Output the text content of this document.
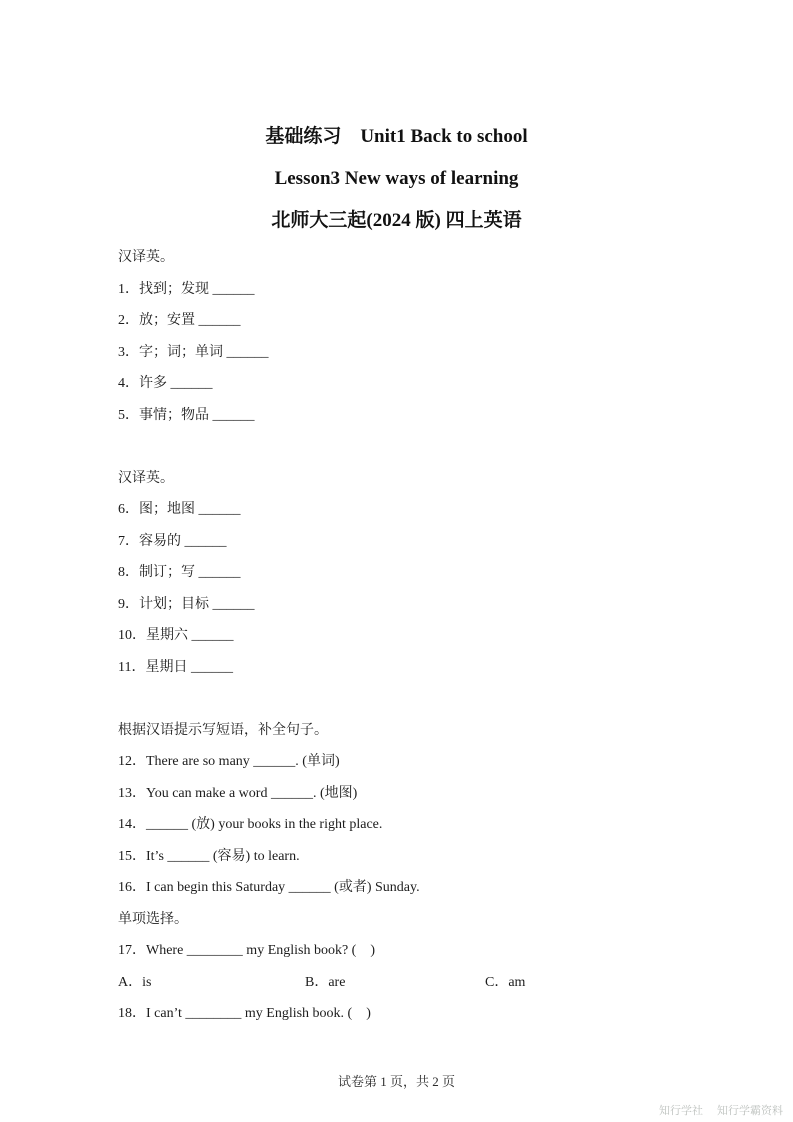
基础练习　Unit1 Back to school
Lesson3 New ways of learning
北师大三起(2024 版) 四上英语
汉译英。
1．找到；发现 ______
2．放；安置 ______
3．字；词；单词 ______
4．许多 ______
5．事情；物品 ______
汉译英。
6．图；地图 ______
7．容易的 ______
8．制订；写 ______
9．计划；目标 ______
10．星期六 ______
11．星期日 ______
根据汉语提示写短语，补全句子。
12．There are so many ______. (单词)
13．You can make a word ______. (地图)
14．______ (放) your books in the right place.
15．It’s ______ (容易) to learn.
16．I can begin this Saturday ______ (或者) Sunday.
单项选择。
17．Where ________ my English book? (　)
A．is	B．are	C．am
18．I can’t ________ my English book. (　)
试卷第 1 页，共 2 页
知行学社 知行学霸资料
